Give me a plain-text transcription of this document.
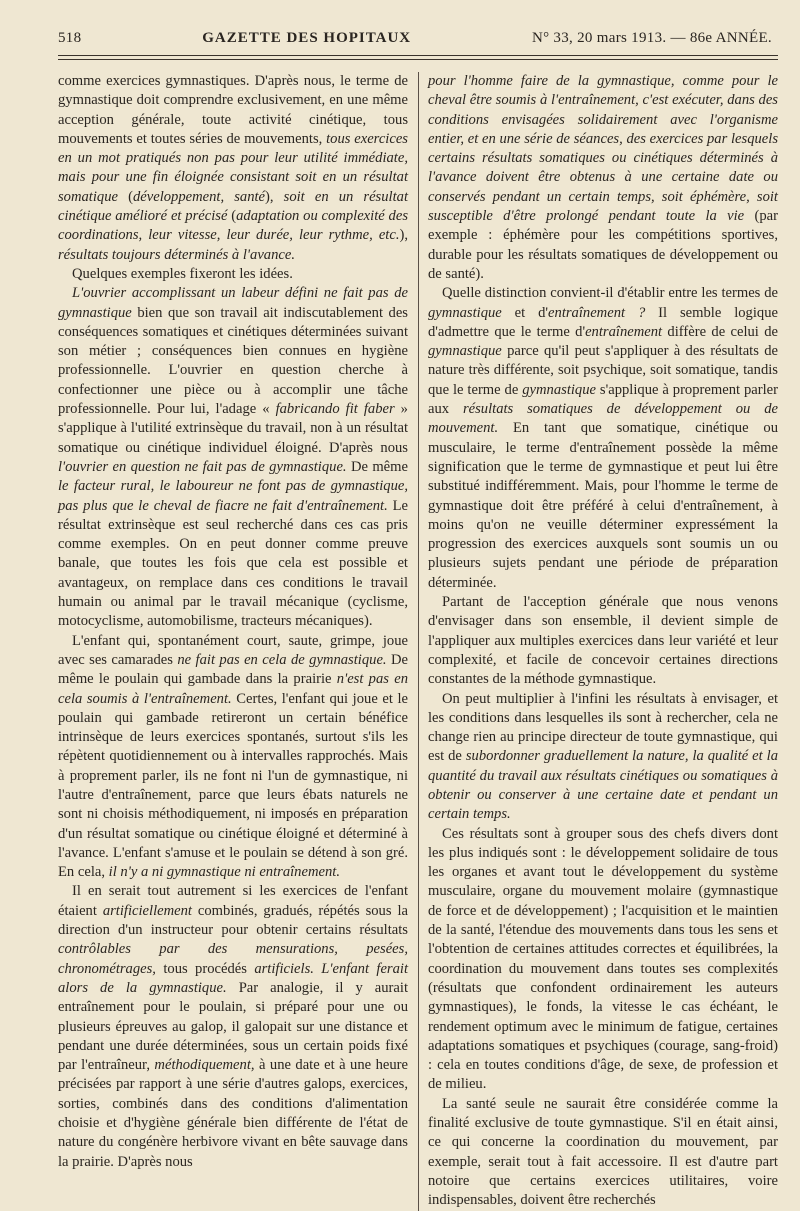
518	GAZETTE DES HOPITAUX	N° 33, 20 mars 1913. — 86e ANNÉE.

comme exercices gymnastiques. D'après nous, le terme de gymnastique doit comprendre exclusivement, en une même acception générale, toute activité cinétique, tous mouvements et toutes séries de mouvements, tous exercices en un mot pratiqués non pas pour leur utilité immédiate, mais pour une fin éloignée consistant soit en un résultat somatique (développement, santé), soit en un résultat cinétique amélioré et précisé (adaptation ou complexité des coordinations, leur vitesse, leur durée, leur rythme, etc.), résultats toujours déterminés à l'avance.

Quelques exemples fixeront les idées.

L'ouvrier accomplissant un labeur défini ne fait pas de gymnastique bien que son travail ait indiscutablement des conséquences somatiques et cinétiques déterminées suivant son métier ; conséquences bien connues en hygiène professionnelle. L'ouvrier en question cherche à confectionner une pièce ou à accomplir une tâche professionnelle. Pour lui, l'adage « fabricando fit faber » s'applique à l'utilité extrinsèque du travail, non à un résultat somatique ou cinétique individuel éloigné. D'après nous l'ouvrier en question ne fait pas de gymnastique. De même le facteur rural, le laboureur ne font pas de gymnastique, pas plus que le cheval de fiacre ne fait d'entraînement. Le résultat extrinsèque est seul recherché dans ces cas pris comme exemples. On en peut donner comme preuve banale, que toutes les fois que cela est possible et avantageux, on remplace dans ces conditions le travail humain ou animal par le travail mécanique (cyclisme, motocyclisme, automobilisme, tracteurs mécaniques).

L'enfant qui, spontanément court, saute, grimpe, joue avec ses camarades ne fait pas en cela de gymnastique. De même le poulain qui gambade dans la prairie n'est pas en cela soumis à l'entraînement. Certes, l'enfant qui joue et le poulain qui gambade retireront un certain bénéfice intrinsèque de leurs exercices spontanés, surtout s'ils les répètent quotidiennement ou à intervalles rapprochés. Mais à proprement parler, ils ne font ni l'un de gymnastique, ni l'autre d'entraînement, parce que leurs ébats naturels ne sont ni choisis méthodiquement, ni imposés en préparation d'un résultat somatique ou cinétique éloigné et déterminé à l'avance. L'enfant s'amuse et le poulain se détend à son gré. En cela, il n'y a ni gymnastique ni entraînement.

Il en serait tout autrement si les exercices de l'enfant étaient artificiellement combinés, gradués, répétés sous la direction d'un instructeur pour obtenir certains résultats contrôlables par des mensurations, pesées, chronométrages, tous procédés artificiels. L'enfant ferait alors de la gymnastique. Par analogie, il y aurait entraînement pour le poulain, si préparé pour une ou plusieurs épreuves au galop, il galopait sur une distance et pendant une durée déterminées, sous un certain poids fixé par l'entraîneur, méthodiquement, à une date et à une heure précisées par rapport à une série d'autres galops, exercices, sorties, combinés dans des conditions d'alimentation choisie et d'hygiène générale bien différente de l'état de nature du congénère herbivore vivant en bête sauvage dans la prairie. D'après nous

pour l'homme faire de la gymnastique, comme pour le cheval être soumis à l'entraînement, c'est exécuter, dans des conditions envisagées solidairement avec l'organisme entier, et en une série de séances, des exercices par lesquels certains résultats somatiques ou cinétiques déterminés à l'avance doivent être obtenus à une certaine date ou conservés pendant un certain temps, soit éphémère, soit susceptible d'être prolongé pendant toute la vie (par exemple : éphémère pour les compétitions sportives, durable pour les résultats somatiques de développement ou de santé).

Quelle distinction convient-il d'établir entre les termes de gymnastique et d'entraînement ? Il semble logique d'admettre que le terme d'entraînement diffère de celui de gymnastique parce qu'il peut s'appliquer à des résultats de nature très différente, soit psychique, soit somatique, tandis que le terme de gymnastique s'applique à proprement parler aux résultats somatiques de développement ou de mouvement. En tant que somatique, cinétique ou musculaire, le terme d'entraînement possède la même signification que le terme de gymnastique et peut lui être substitué indifféremment. Mais, pour l'homme le terme de gymnastique doit être préféré à celui d'entraînement, à moins qu'on ne veuille déterminer expressément la progression des exercices auxquels sont soumis un ou plusieurs sujets pendant une période de préparation déterminée.

Partant de l'acception générale que nous venons d'envisager dans son ensemble, il devient simple de l'appliquer aux multiples exercices dans leur variété et leur complexité, et facile de concevoir certaines directions constantes de la méthode gymnastique.

On peut multiplier à l'infini les résultats à envisager, et les conditions dans lesquelles ils sont à rechercher, cela ne change rien au principe directeur de toute gymnastique, qui est de subordonner graduellement la nature, la qualité et la quantité du travail aux résultats cinétiques ou somatiques à obtenir ou conserver à une certaine date et pendant un certain temps.

Ces résultats sont à grouper sous des chefs divers dont les plus indiqués sont : le développement solidaire de tous les organes et avant tout le développement du système musculaire, organe du mouvement molaire (gymnastique de force et de développement) ; l'acquisition et le maintien de la santé, l'étendue des mouvements dans tous les sens et l'obtention de certaines attitudes correctes et équilibrées, la coordination du mouvement dans toutes ses complexités (résultats que confondent ordinairement les auteurs gymnastiques), le fonds, la vitesse le cas échéant, le rendement optimum avec le minimum de fatigue, certaines adaptations somatiques et psychiques (courage, sang-froid) : cela en toutes conditions d'âge, de sexe, de profession et de milieu.

La santé seule ne saurait être considérée comme la finalité exclusive de toute gymnastique. S'il en était ainsi, ce qui concerne la coordination du mouvement, par exemple, serait tout à fait accessoire. Il est d'autre part notoire que certains exercices utilitaires, voire indispensables, doivent être recherchés
